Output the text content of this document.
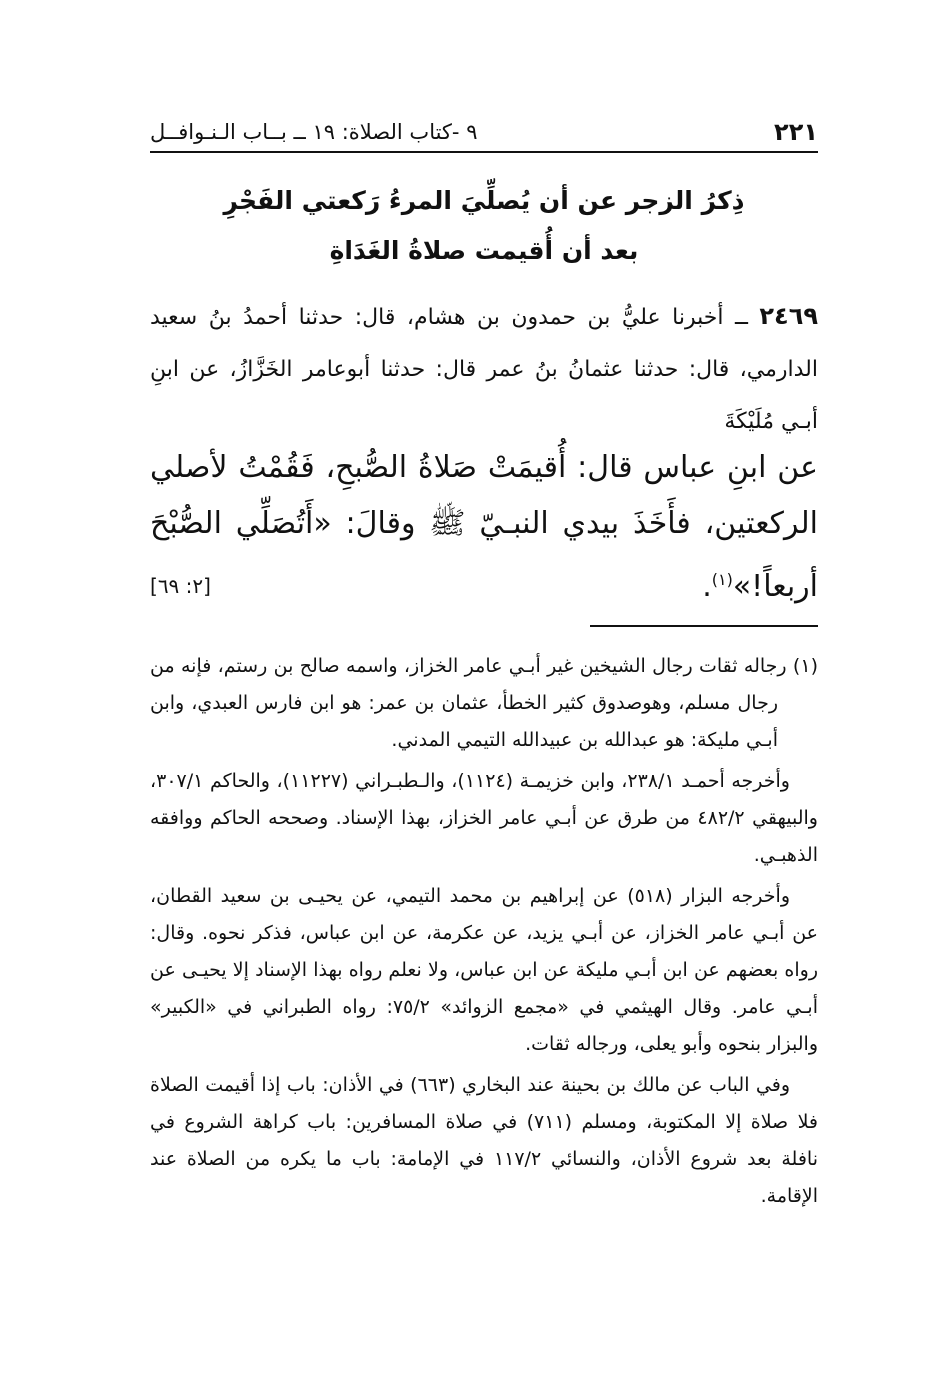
٩ -كتاب الصلاة: ١٩ ــ بــاب الـنـوافــل	٢٢١
ذِكرُ الزجر عن أن يُصلِّيَ المرءُ رَكعتي الفَجْرِ
بعد أن أُقيمت صلاةُ الغَدَاةِ
٢٤٦٩ ــ أخبرنا عليُّ بن حمدون بن هشام، قال: حدثنا أحمدُ بنُ سعيد الدارمي، قال: حدثنا عثمانُ بنُ عمر قال: حدثنا أبوعامر الخَزَّازُ، عن ابنِ أبـي مُلَيْكَةَ
عن ابنِ عباس قال: أُقيمَتْ صَلاةُ الصُّبحِ، فَقُمْتُ لأصلي الركعتين، فأَخَذَ بيدي النبـيّ ﷺ وقالَ: «أَتُصَلِّي الصُّبْحَ أربعاً!»$^{(١)}$.
[٢: ٦٩]

(١) رجاله ثقات رجال الشيخين غير أبـي عامر الخزاز، واسمه صالح بن رستم، فإنه من رجال مسلم، وهوصدوق كثير الخطأ، عثمان بن عمر: هو ابن فارس العبدي، وابن أبـي مليكة: هو عبدالله بن عبيدالله التيمي المدني.

وأخرجه أحمـد ٢٣٨/١، وابن خزيمـة (١١٢٤)، والـطبـراني (١١٢٢٧)، والحاكم ٣٠٧/١، والبيهقي ٤٨٢/٢ من طرق عن أبـي عامر الخزاز، بهذا الإسناد. وصححه الحاكم ووافقه الذهبـي.

وأخرجه البزار (٥١٨) عن إبراهيم بن محمد التيمي، عن يحيـى بن سعيد القطان، عن أبـي عامر الخزاز، عن أبـي يزيد، عن عكرمة، عن ابن عباس، فذكر نحوه. وقال: رواه بعضهم عن ابن أبـي مليكة عن ابن عباس، ولا نعلم رواه بهذا الإسناد إلا يحيـى عن أبـي عامر. وقال الهيثمي في «مجمع الزوائد» ٧٥/٢: رواه الطبراني في «الكبير» والبزار بنحوه وأبو يعلى، ورجاله ثقات.

وفي الباب عن مالك بن بحينة عند البخاري (٦٦٣) في الأذان: باب إذا أقيمت الصلاة فلا صلاة إلا المكتوبة، ومسلم (٧١١) في صلاة المسافرين: باب كراهة الشروع في نافلة بعد شروع الأذان، والنسائي ١١٧/٢ في الإمامة: باب ما يكره من الصلاة عند الإقامة.
